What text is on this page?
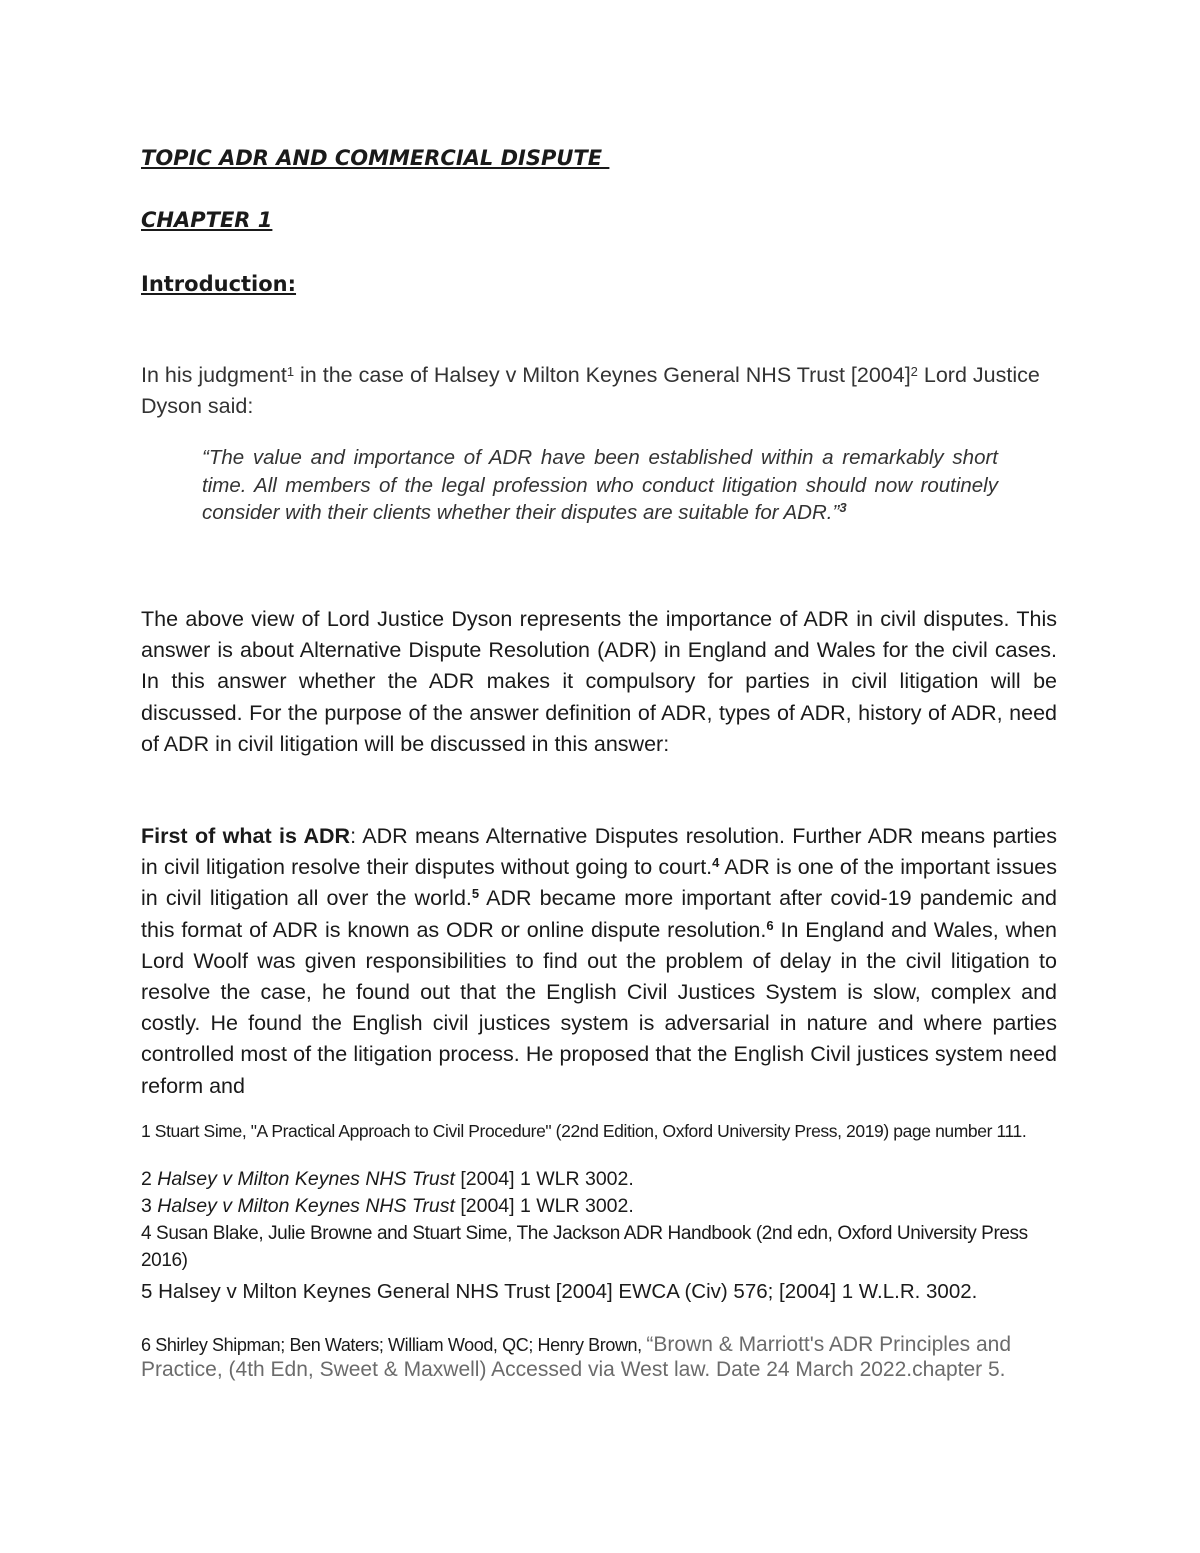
TOPIC ADR AND COMMERCIAL DISPUTE

CHAPTER 1

Introduction:

In his judgment$^1$ in the case of Halsey v Milton Keynes General NHS Trust $[2004]^2$ Lord Justice Dyson said:

“The value and importance of ADR have been established within a remarkably short time. All members of the legal profession who conduct litigation should now routinely consider with their clients whether their disputes are suitable for ADR.”$^3$

The above view of Lord Justice Dyson represents the importance of ADR in civil disputes. This answer is about Alternative Dispute Resolution (ADR) in England and Wales for the civil cases. In this answer whether the ADR makes it compulsory for parties in civil litigation will be discussed. For the purpose of the answer definition of ADR, types of ADR, history of ADR, need of ADR in civil litigation will be discussed in this answer:

First of what is ADR: ADR means Alternative Disputes resolution. Further ADR means parties in civil litigation resolve their disputes without going to court.$^4$ ADR is one of the important issues in civil litigation all over the world.$^5$ ADR became more important after covid-19 pandemic and this format of ADR is known as ODR or online dispute resolution.$^6$ In England and Wales, when Lord Woolf was given responsibilities to find out the problem of delay in the civil litigation to resolve the case, he found out that the English Civil Justices System is slow, complex and costly. He found the English civil justices system is adversarial in nature and where parties controlled most of the litigation process. He proposed that the English Civil justices system need reform and

1 Stuart Sime, "A Practical Approach to Civil Procedure" (22nd Edition, Oxford University Press, 2019) page number 111.

2 Halsey v Milton Keynes NHS Trust [2004] 1 WLR 3002.

3 Halsey v Milton Keynes NHS Trust [2004] 1 WLR 3002.

4 Susan Blake, Julie Browne and Stuart Sime, The Jackson ADR Handbook (2nd edn, Oxford University Press 2016)

5 Halsey v Milton Keynes General NHS Trust [2004] EWCA (Civ) 576; [2004] 1 W.L.R. 3002.

6 Shirley Shipman; Ben Waters; William Wood, QC; Henry Brown, “Brown & Marriott's ADR Principles and Practice, (4th Edn, Sweet & Maxwell) Accessed via West law. Date 24 March 2022.chapter 5.
